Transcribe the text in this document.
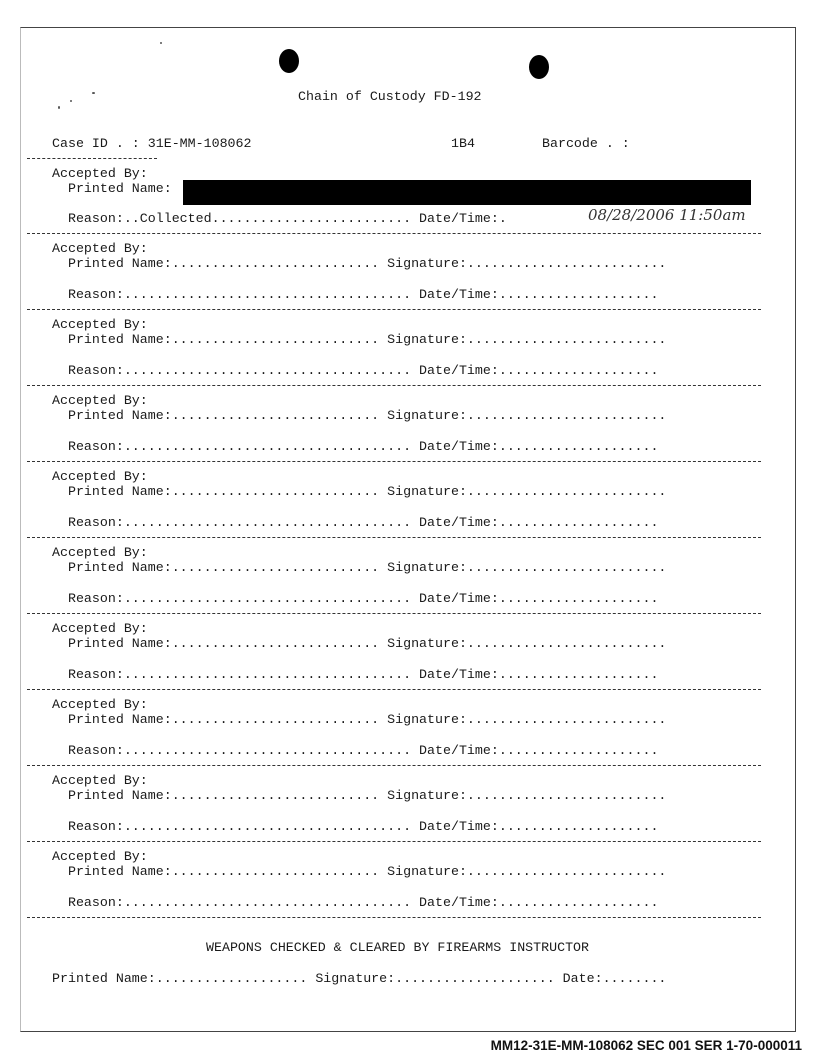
Chain of Custody FD-192
Case ID . : 31E-MM-108062	1B4	Barcode . :
Accepted By:
Printed Name:
Reason:..Collected......................... Date/Time:.	08/28/2006 11:50am
Accepted By:
Printed Name:.......................... Signature:.........................
Reason:.................................... Date/Time:....................
Accepted By:
Printed Name:.......................... Signature:.........................
Reason:.................................... Date/Time:....................
Accepted By:
Printed Name:.......................... Signature:.........................
Reason:.................................... Date/Time:....................
Accepted By:
Printed Name:.......................... Signature:.........................
Reason:.................................... Date/Time:....................
Accepted By:
Printed Name:.......................... Signature:.........................
Reason:.................................... Date/Time:....................
Accepted By:
Printed Name:.......................... Signature:.........................
Reason:.................................... Date/Time:....................
Accepted By:
Printed Name:.......................... Signature:.........................
Reason:.................................... Date/Time:....................
Accepted By:
Printed Name:.......................... Signature:.........................
Reason:.................................... Date/Time:....................
Accepted By:
Printed Name:.......................... Signature:.........................
Reason:.................................... Date/Time:....................
WEAPONS CHECKED & CLEARED BY FIREARMS INSTRUCTOR
Printed Name:................... Signature:.................... Date:........
MM12-31E-MM-108062 SEC 001 SER 1-70-000011
